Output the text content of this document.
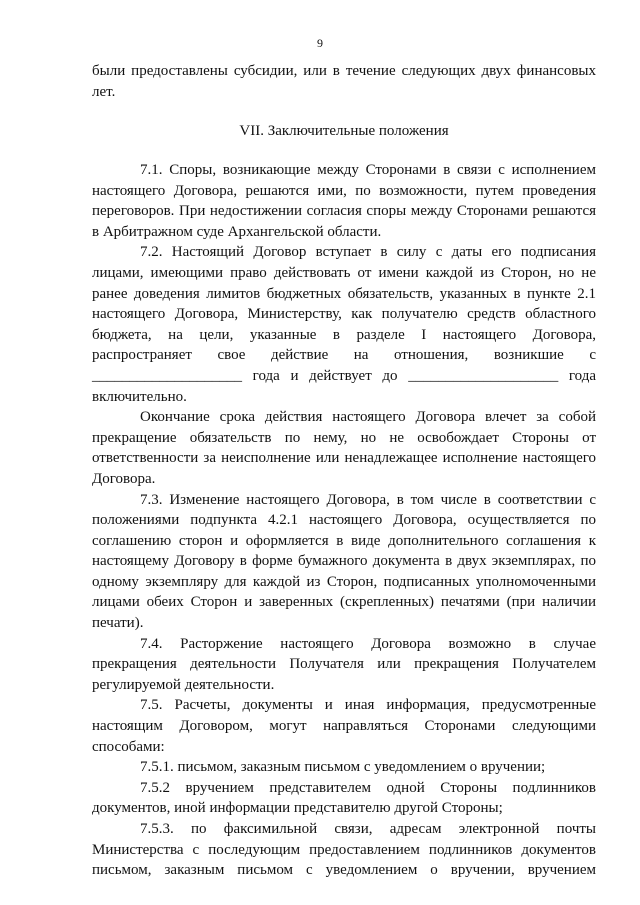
9
были предоставлены субсидии, или в течение следующих двух финансовых
лет.
VII. Заключительные положения
7.1. Споры, возникающие между Сторонами в связи с исполнением
настоящего Договора, решаются ими, по возможности, путем проведения
переговоров. При недостижении согласия споры между Сторонами решаются
в Арбитражном суде Архангельской области.
7.2. Настоящий Договор вступает в силу с даты его подписания
лицами, имеющими право действовать от имени каждой из Сторон, но не
ранее доведения лимитов бюджетных обязательств, указанных в пункте 2.1
настоящего Договора, Министерству, как получателю средств областного
бюджета, на цели, указанные в разделе I настоящего Договора,
распространяет свое действие на отношения, возникшие с
____________________ года и действует до ____________________ года
включительно.
Окончание срока действия настоящего Договора влечет за собой
прекращение обязательств по нему, но не освобождает Стороны от
ответственности за неисполнение или ненадлежащее исполнение настоящего
Договора.
7.3. Изменение настоящего Договора, в том числе в соответствии с
положениями подпункта 4.2.1 настоящего Договора, осуществляется по
соглашению сторон и оформляется в виде дополнительного соглашения к
настоящему Договору в форме бумажного документа в двух экземплярах, по
одному экземпляру для каждой из Сторон, подписанных уполномоченными
лицами обеих Сторон и заверенных (скрепленных) печатями (при наличии
печати).
7.4. Расторжение настоящего Договора возможно в случае
прекращения деятельности Получателя или прекращения Получателем
регулируемой деятельности.
7.5. Расчеты, документы и иная информация, предусмотренные
настоящим Договором, могут направляться Сторонами следующими
способами:
7.5.1. письмом, заказным письмом с уведомлением о вручении;
7.5.2 вручением представителем одной Стороны подлинников
документов, иной информации представителю другой Стороны;
7.5.3. по факсимильной связи, адресам электронной почты
Министерства с последующим предоставлением подлинников документов
письмом, заказным письмом с уведомлением о вручении, вручением
